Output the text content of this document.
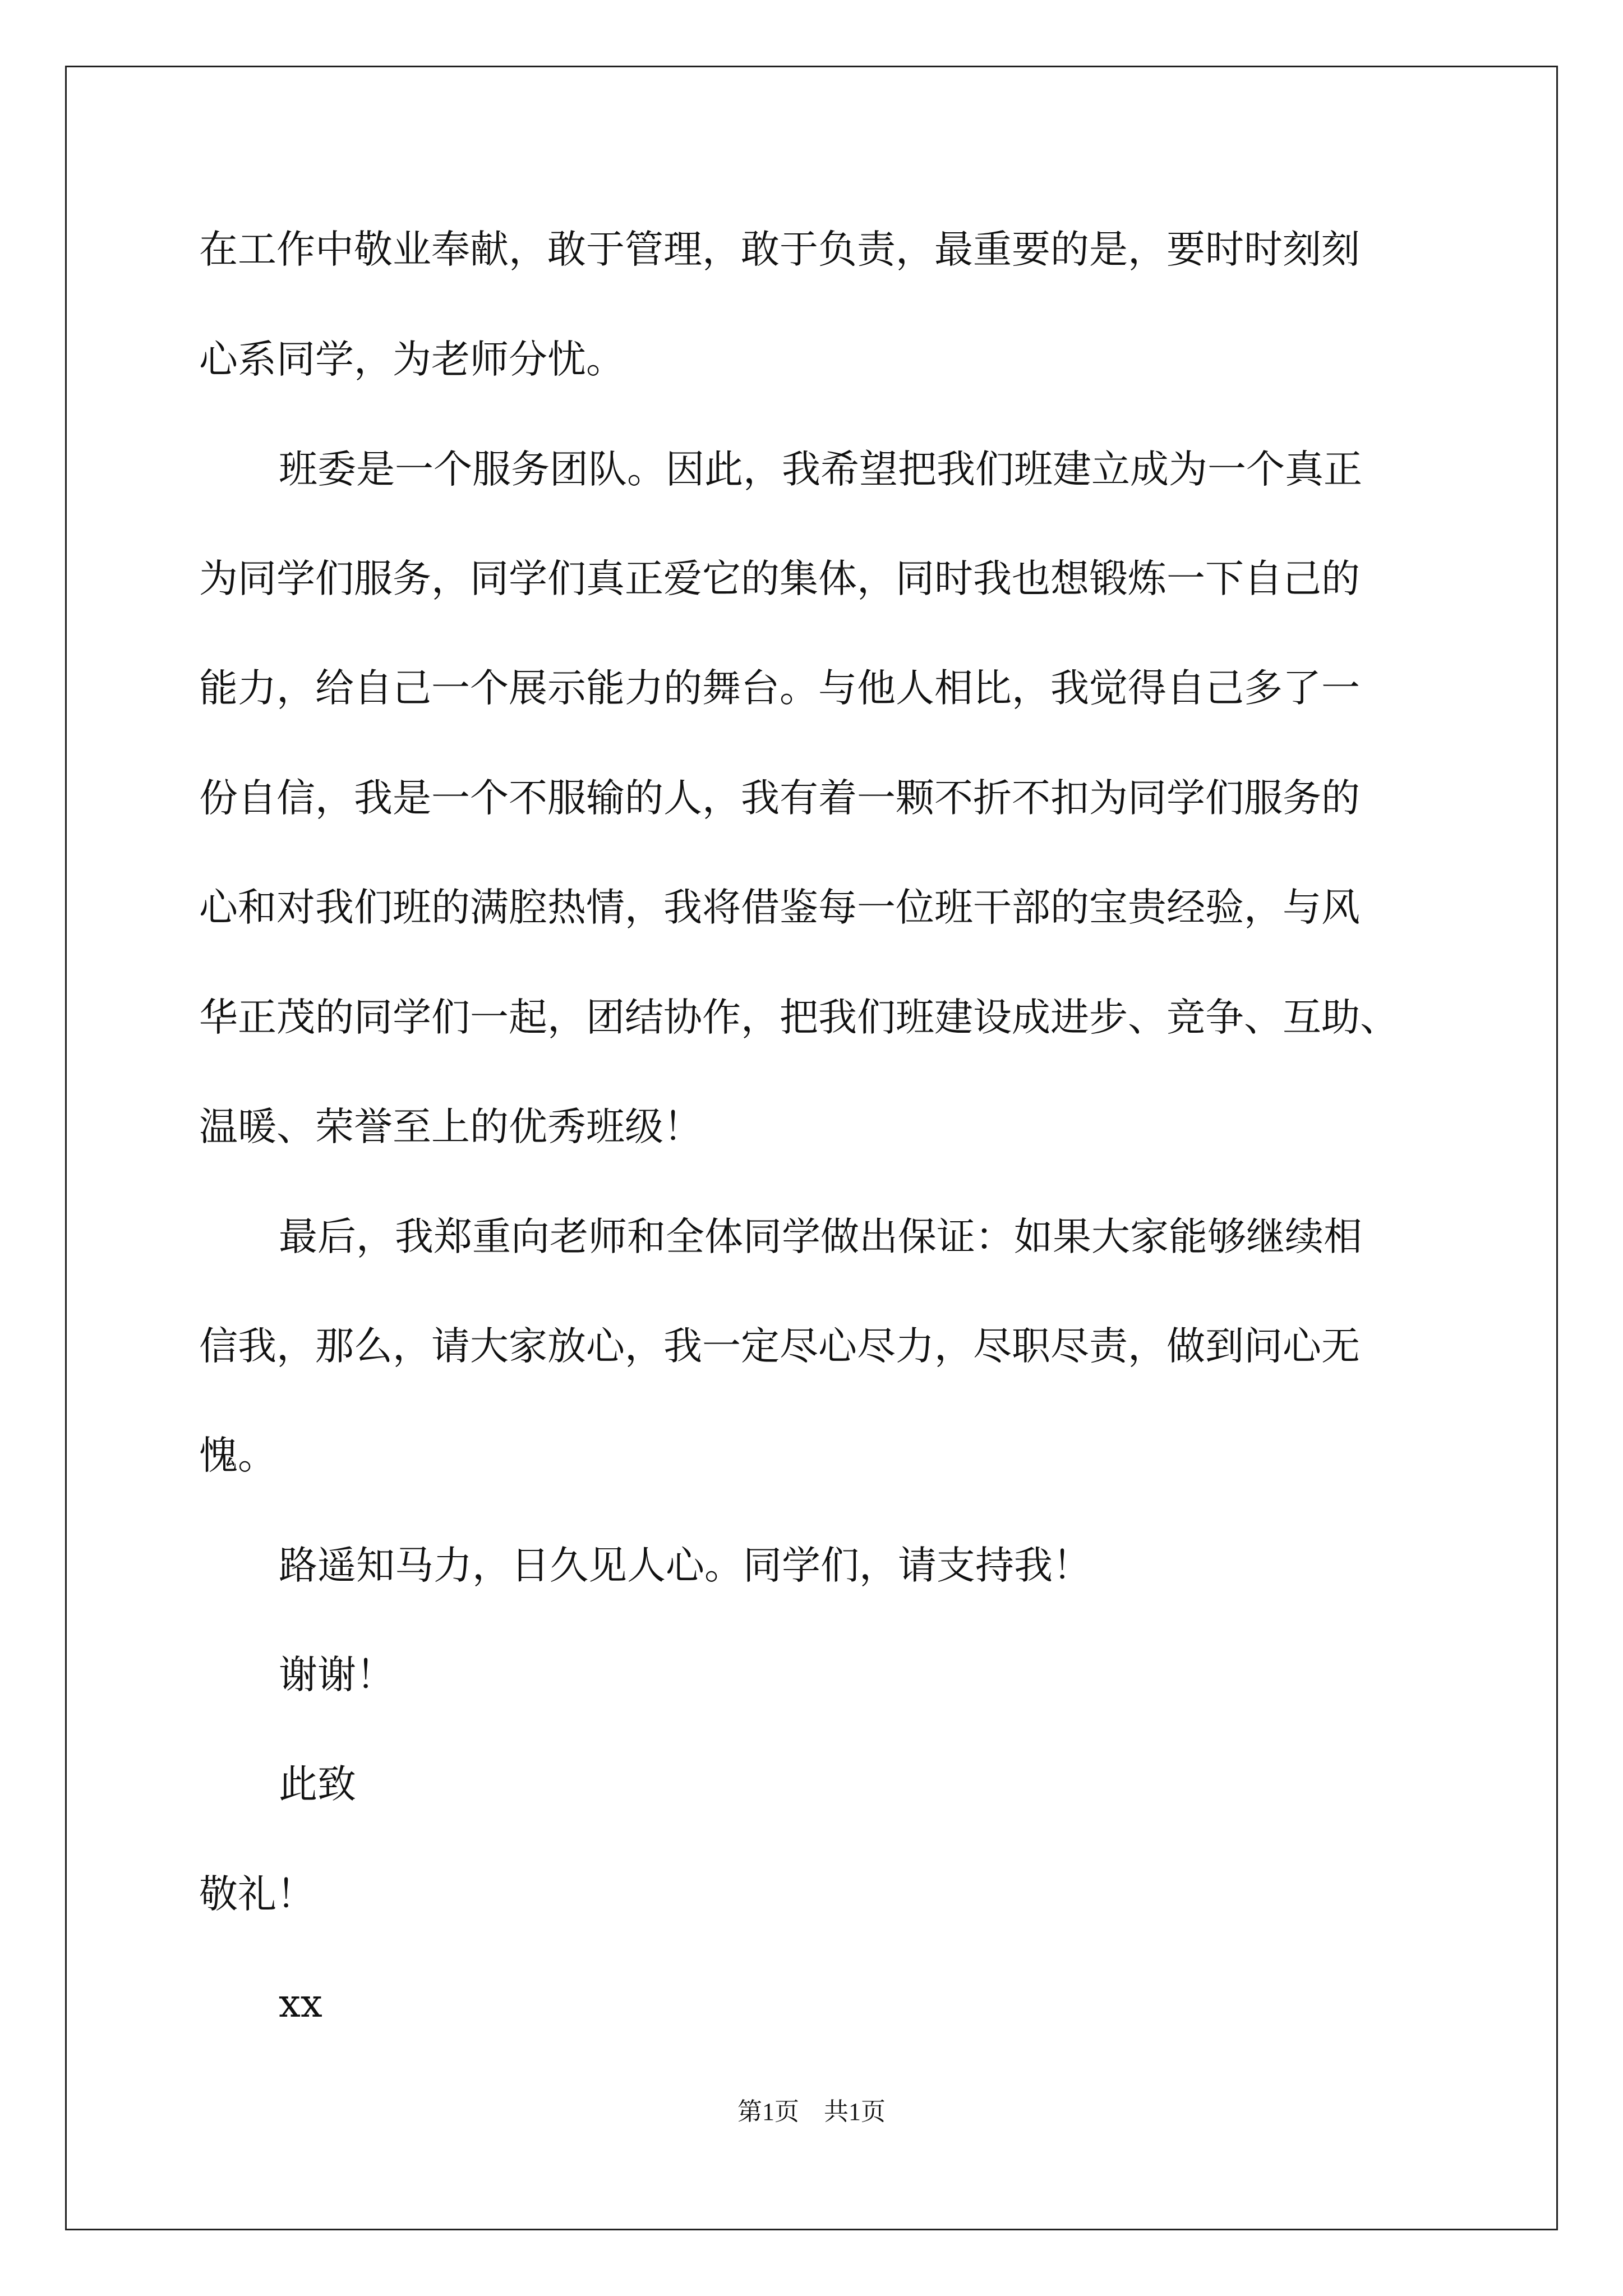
在工作中敬业奉献，敢于管理，敢于负责，最重要的是，要时时刻刻
心系同学，为老师分忧。
班委是一个服务团队。因此，我希望把我们班建立成为一个真正
为同学们服务，同学们真正爱它的集体，同时我也想锻炼一下自己的
能力，给自己一个展示能力的舞台。与他人相比，我觉得自己多了一
份自信，我是一个不服输的人，我有着一颗不折不扣为同学们服务的
心和对我们班的满腔热情，我将借鉴每一位班干部的宝贵经验，与风
华正茂的同学们一起，团结协作，把我们班建设成进步、竞争、互助、
温暖、荣誉至上的优秀班级！
最后，我郑重向老师和全体同学做出保证：如果大家能够继续相
信我，那么，请大家放心，我一定尽心尽力，尽职尽责，做到问心无
愧。
路遥知马力，日久见人心。同学们，请支持我！
谢谢！
此致
敬礼！
xx
第1页　共1页
